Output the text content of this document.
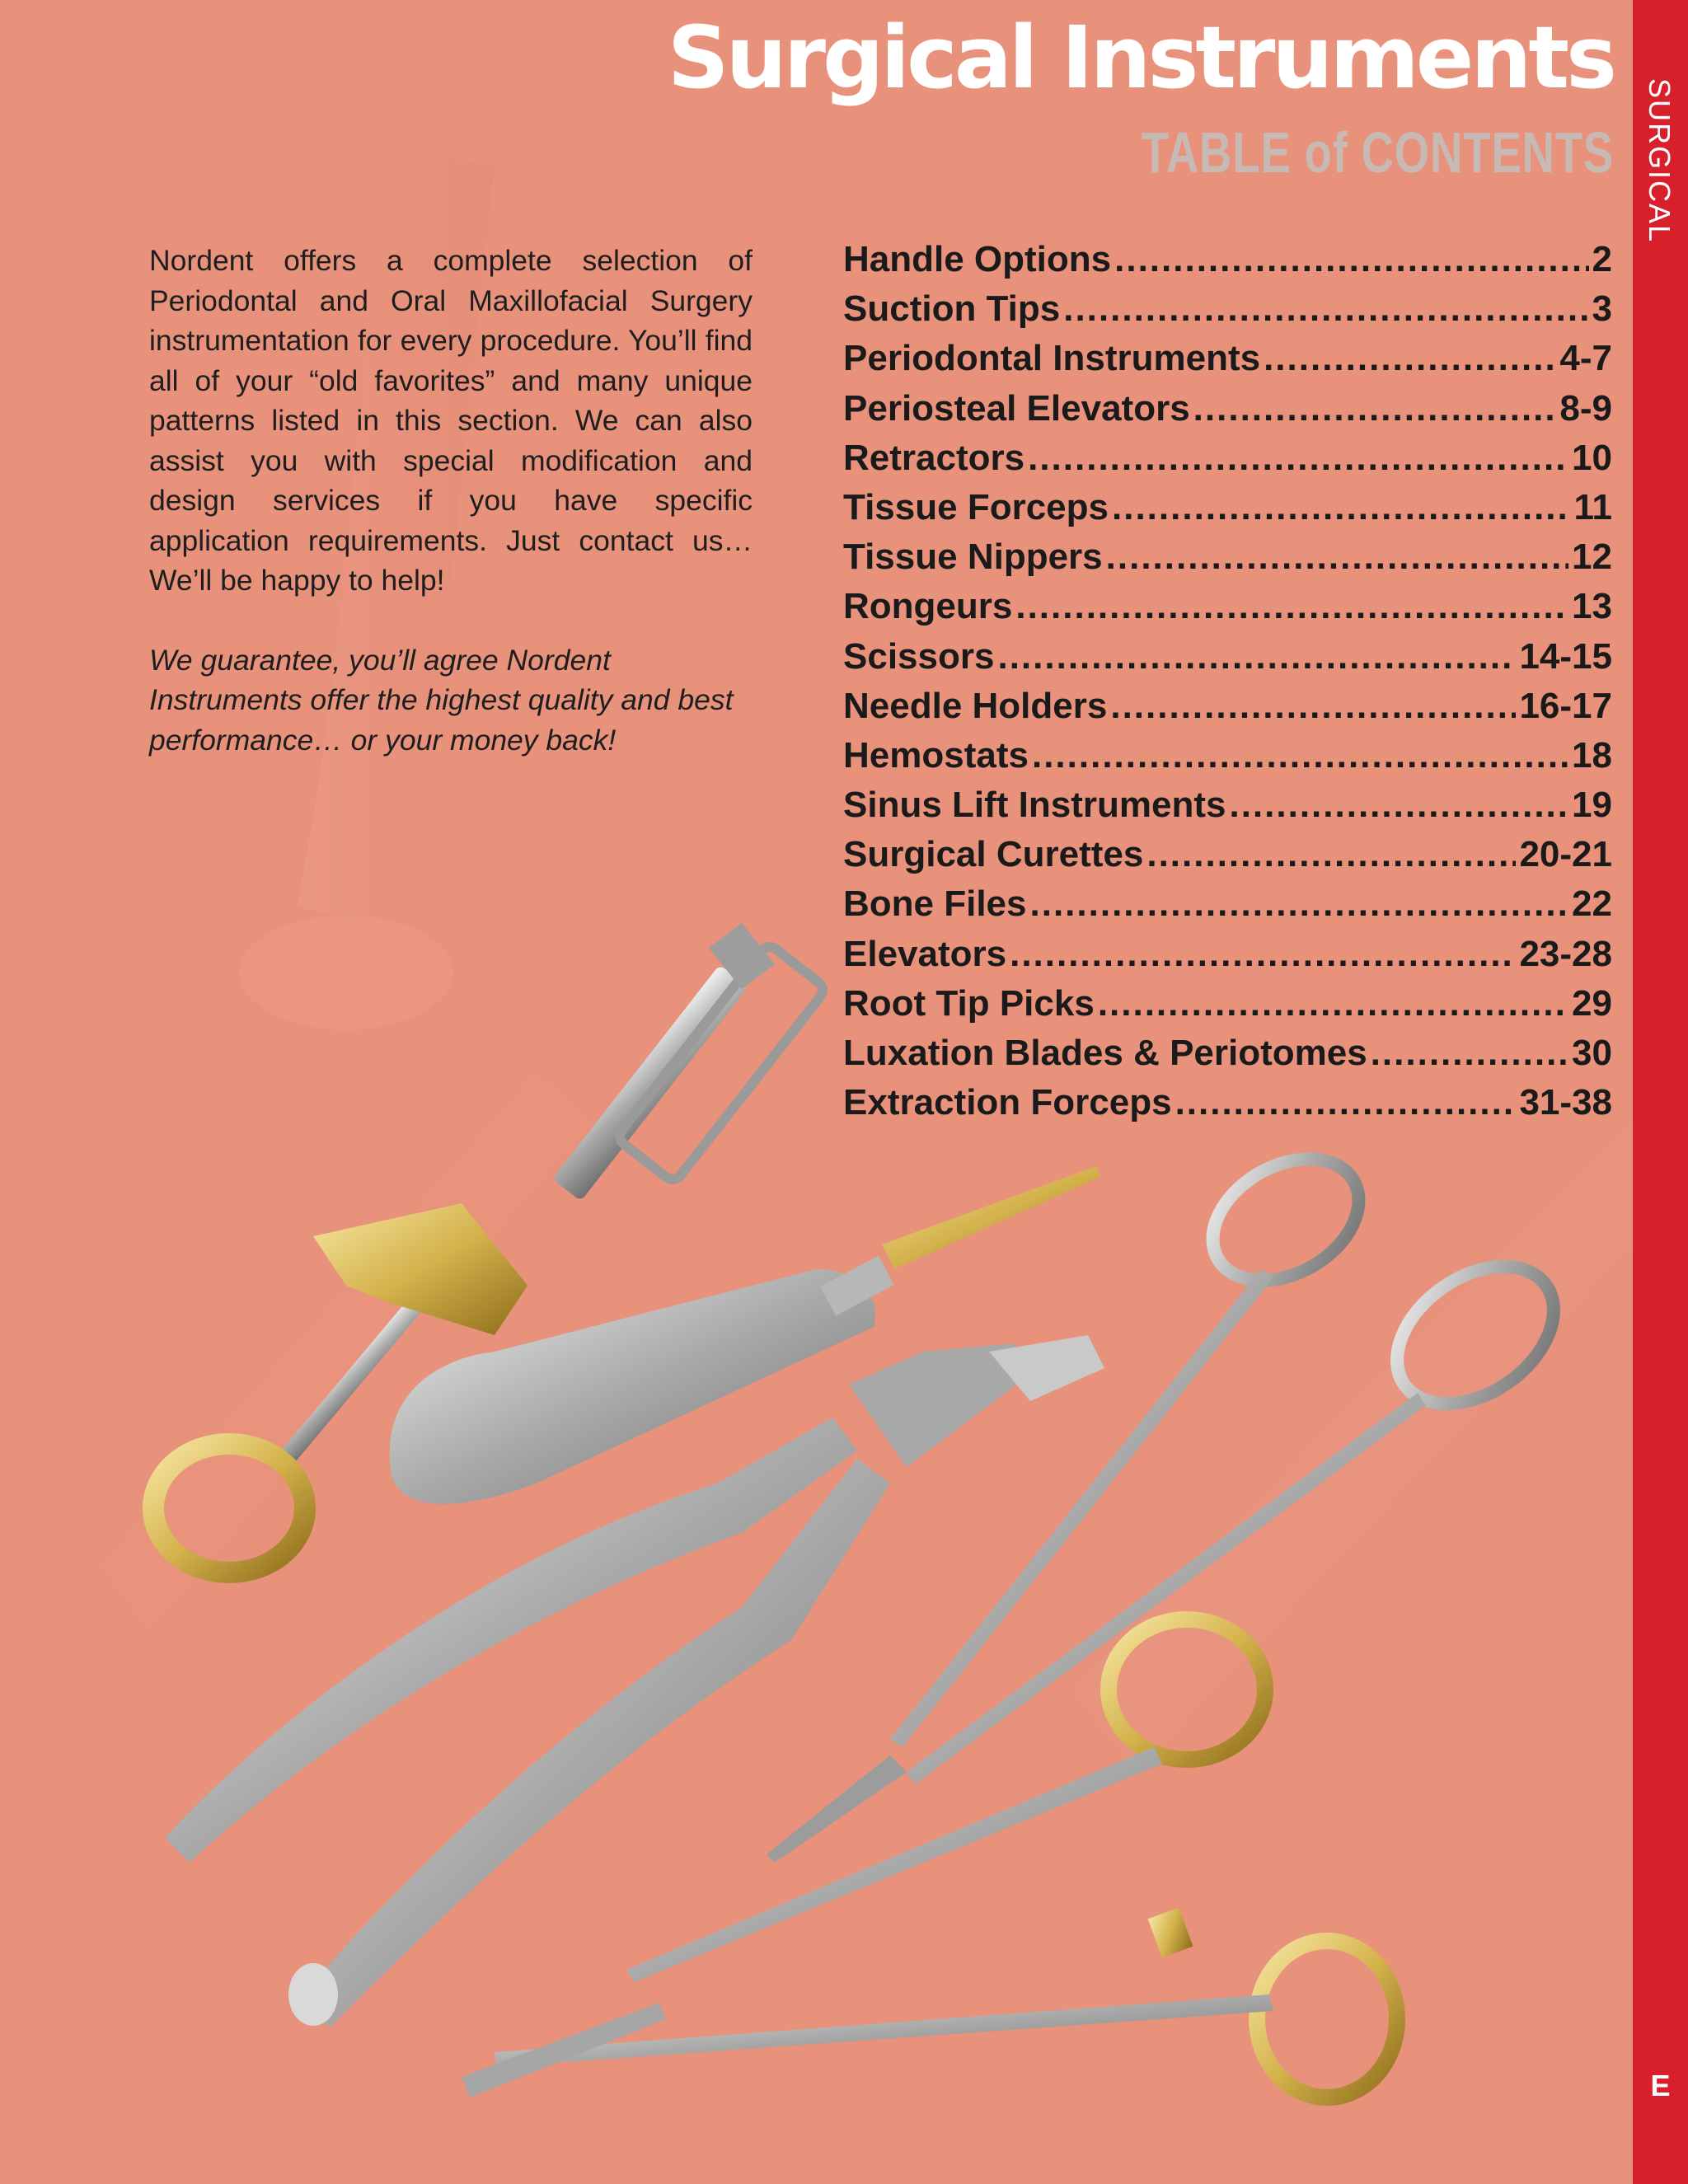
Surgical Instruments
TABLE of CONTENTS
E

Nordent offers a complete selection of Periodontal and Oral Maxillofacial Surgery instrumentation for every procedure. You’ll find all of your “old favorites” and many unique patterns listed in this section. We can also assist you with special modification and design services if you have specific application requirements. Just contact us…We’ll be happy to help!

We guarantee, you’ll agree Nordent Instruments offer the highest quality and best performance… or your money back!

Handle Options .....	2
Suction Tips .....	3
Periodontal Instruments .....	4-7
Periosteal Elevators .....	8-9
Retractors .....	10
Tissue Forceps .....	11
Tissue Nippers .....	12
Rongeurs .....	13
Scissors .....	14-15
Needle Holders .....	16-17
Hemostats .....	18
Sinus Lift Instruments .....	19
Surgical Curettes .....	20-21
Bone Files .....	22
Elevators .....	23-28
Root Tip Picks .....	29
Luxation Blades & Periotomes .....	30
Extraction Forceps .....	31-38
